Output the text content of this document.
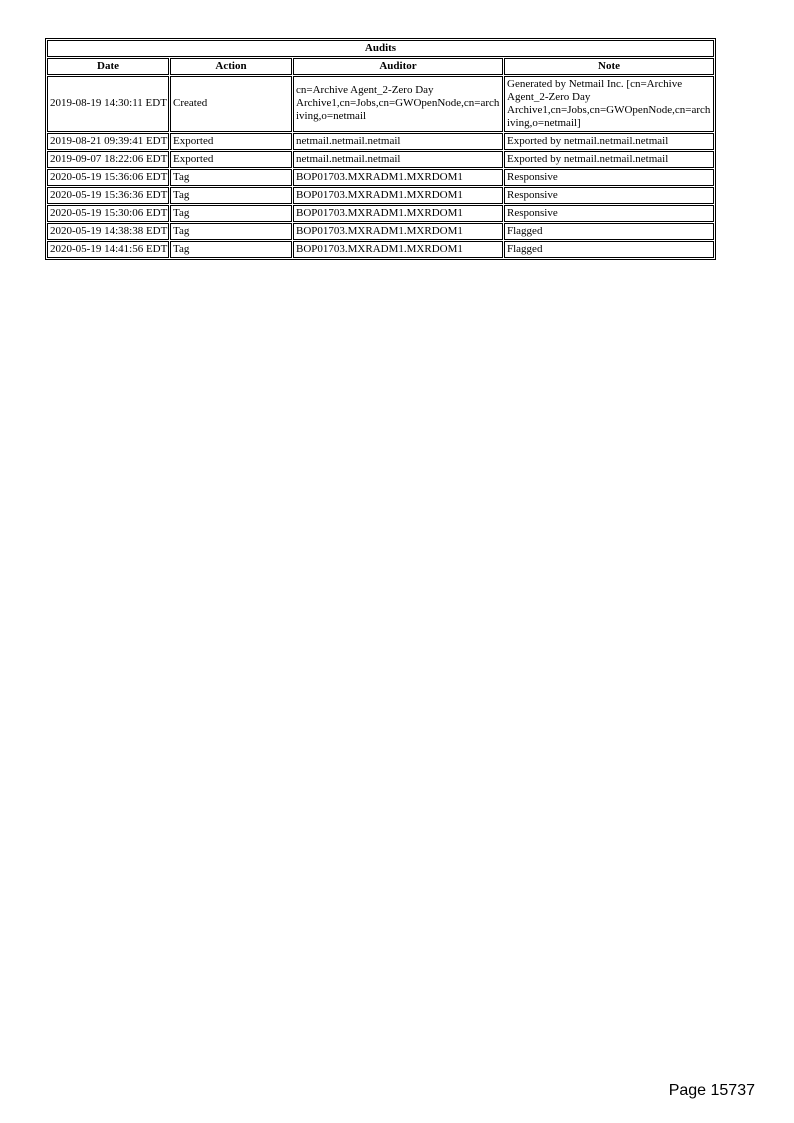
Audits			
Date	Action	Auditor	Note
2019-08-19 14:30:11 EDT	Created	cn=Archive Agent_2-Zero Day Archive1,cn=Jobs,cn=GWOpenNode,cn=archiving,o=netmail	Generated by Netmail Inc. [cn=Archive Agent_2-Zero Day Archive1,cn=Jobs,cn=GWOpenNode,cn=archiving,o=netmail]
2019-08-21 09:39:41 EDT	Exported	netmail.netmail.netmail	Exported by netmail.netmail.netmail
2019-09-07 18:22:06 EDT	Exported	netmail.netmail.netmail	Exported by netmail.netmail.netmail
2020-05-19 15:36:06 EDT	Tag	BOP01703.MXRADM1.MXRDOM1	Responsive
2020-05-19 15:36:36 EDT	Tag	BOP01703.MXRADM1.MXRDOM1	Responsive
2020-05-19 15:30:06 EDT	Tag	BOP01703.MXRADM1.MXRDOM1	Responsive
2020-05-19 14:38:38 EDT	Tag	BOP01703.MXRADM1.MXRDOM1	Flagged
2020-05-19 14:41:56 EDT	Tag	BOP01703.MXRADM1.MXRDOM1	Flagged
Page 15737
